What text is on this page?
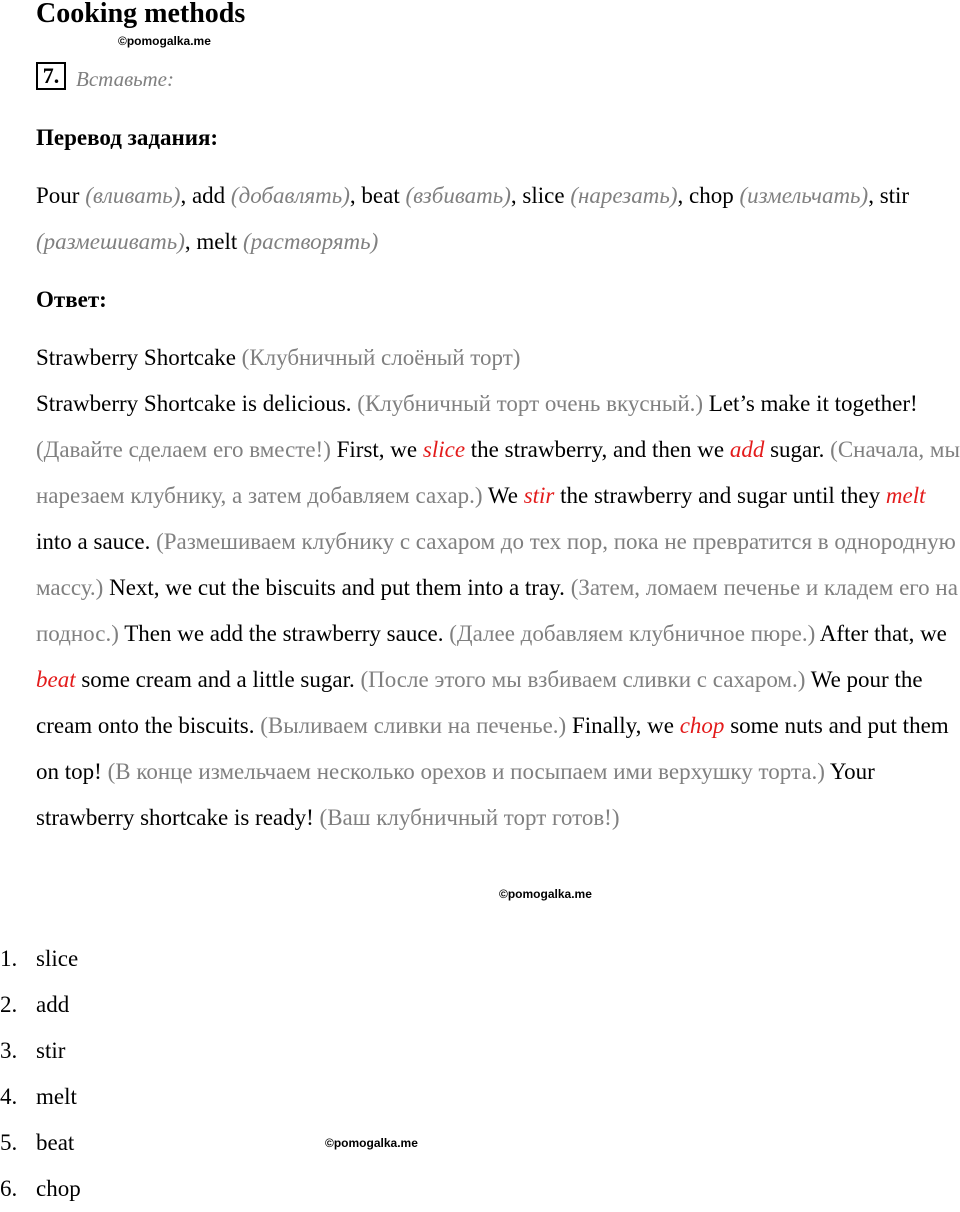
Cooking methods
©pomogalka.me
7. Вставьте:
Перевод задания:
Pour (вливать), add (добавлять), beat (взбивать), slice (нарезать), chop (измельчать), stir (размешивать), melt (растворять)
Ответ:
Strawberry Shortcake (Клубничный слоёный торт)
Strawberry Shortcake is delicious. (Клубничный торт очень вкусный.) Let’s make it together! (Давайте сделаем его вместе!) First, we slice the strawberry, and then we add sugar. (Сначала, мы нарезаем клубнику, а затем добавляем сахар.) We stir the strawberry and sugar until they melt into a sauce. (Размешиваем клубнику с сахаром до тех пор, пока не превратится в однородную массу.) Next, we cut the biscuits and put them into a tray. (Затем, ломаем печенье и кладем его на поднос.) Then we add the strawberry sauce. (Далее добавляем клубничное пюре.) After that, we beat some cream and a little sugar. (После этого мы взбиваем сливки с сахаром.) We pour the cream onto the biscuits. (Выливаем сливки на печенье.) Finally, we chop some nuts and put them on top! (В конце измельчаем несколько орехов и посыпаем ими верхушку торта.) Your strawberry shortcake is ready! (Ваш клубничный торт готов!)
©pomogalka.me
1. slice
2. add
3. stir
4. melt
5. beat
6. chop
©pomogalka.me
